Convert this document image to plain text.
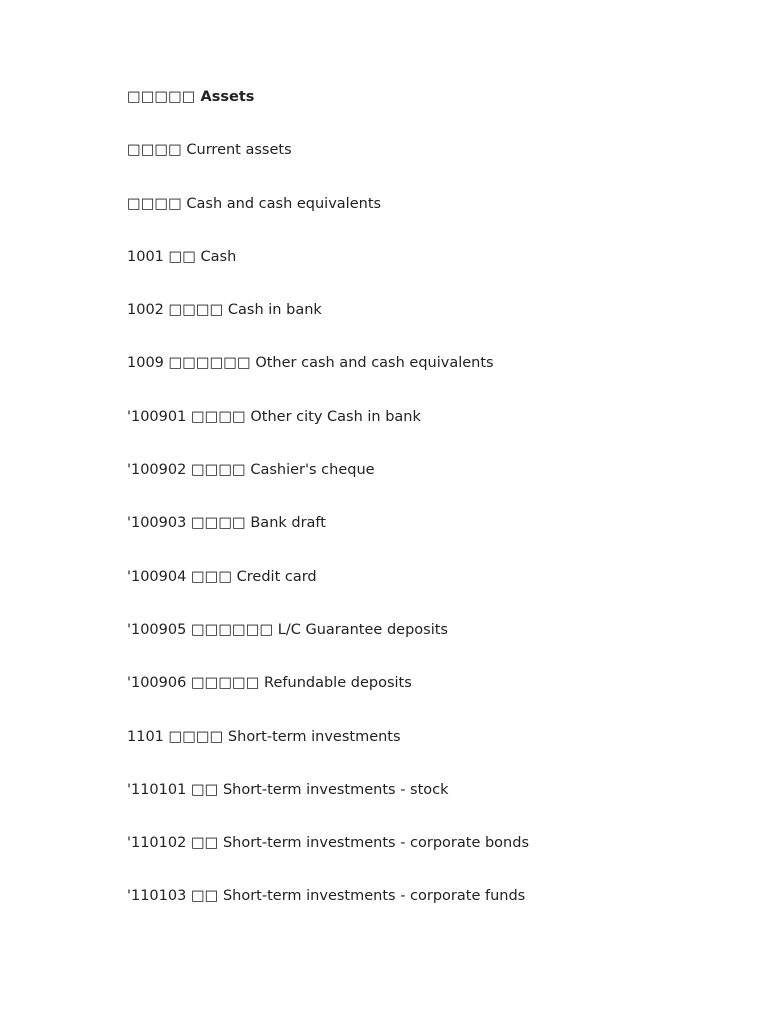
□□□□□ Assets
□□□□ Current assets
□□□□ Cash and cash equivalents
1001 □□ Cash
1002 □□□□ Cash in bank
1009 □□□□□□ Other cash and cash equivalents
'100901 □□□□ Other city Cash in bank
'100902 □□□□ Cashier's cheque
'100903 □□□□ Bank draft
'100904 □□□ Credit card
'100905 □□□□□□ L/C Guarantee deposits
'100906 □□□□□ Refundable deposits
1101 □□□□ Short-term investments
'110101 □□ Short-term investments - stock
'110102 □□ Short-term investments - corporate bonds
'110103 □□ Short-term investments - corporate funds
